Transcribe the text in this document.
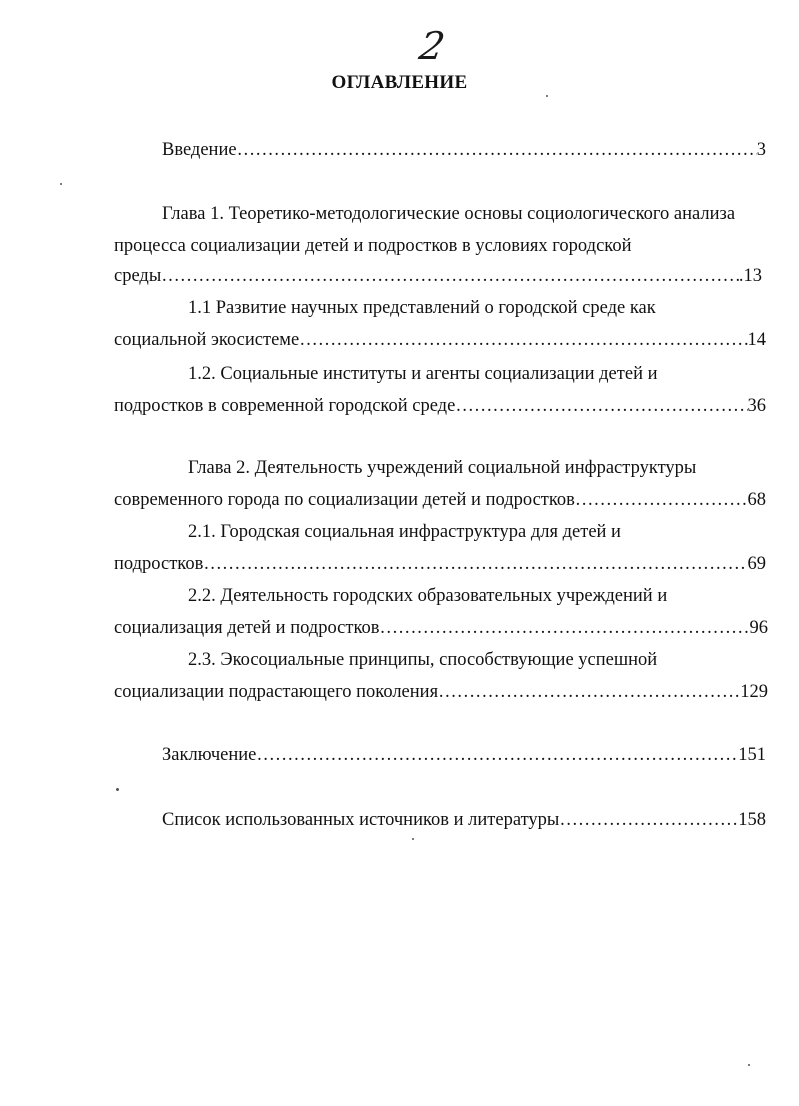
2
ОГЛАВЛЕНИЕ
Введение ……………………………………………………………………………………………………………………………………………………………………	3
Глава 1. Теоретико-методологические основы социологического анализа
процесса социализации детей и подростков в условиях городской
среды ……………………………………………………………………………………………………………………………………………………………………	.13
1.1 Развитие научных представлений о городской среде как
социальной экосистеме ……………………………………………………………………………………………………………………………………………………………………	14
1.2. Социальные институты и агенты социализации детей и
подростков в современной городской среде ……………………………………………………………………………………………………………………………………………………………………	36
Глава 2. Деятельность учреждений социальной инфраструктуры
современного города по социализации детей и подростков ……………………………………………………………………………………………………………………………………………………………………	68
2.1. Городская социальная инфраструктура для детей и
подростков ……………………………………………………………………………………………………………………………………………………………………	69
2.2. Деятельность городских образовательных учреждений и
социализация детей и подростков ……………………………………………………………………………………………………………………………………………………………………	96
2.3. Экосоциальные принципы, способствующие успешной
социализации подрастающего поколения ……………………………………………………………………………………………………………………………………………………………………	129
Заключение ……………………………………………………………………………………………………………………………………………………………………	151
Список использованных источников и литературы ……………………………………………………………………………………………………………………………………………………………………	158
